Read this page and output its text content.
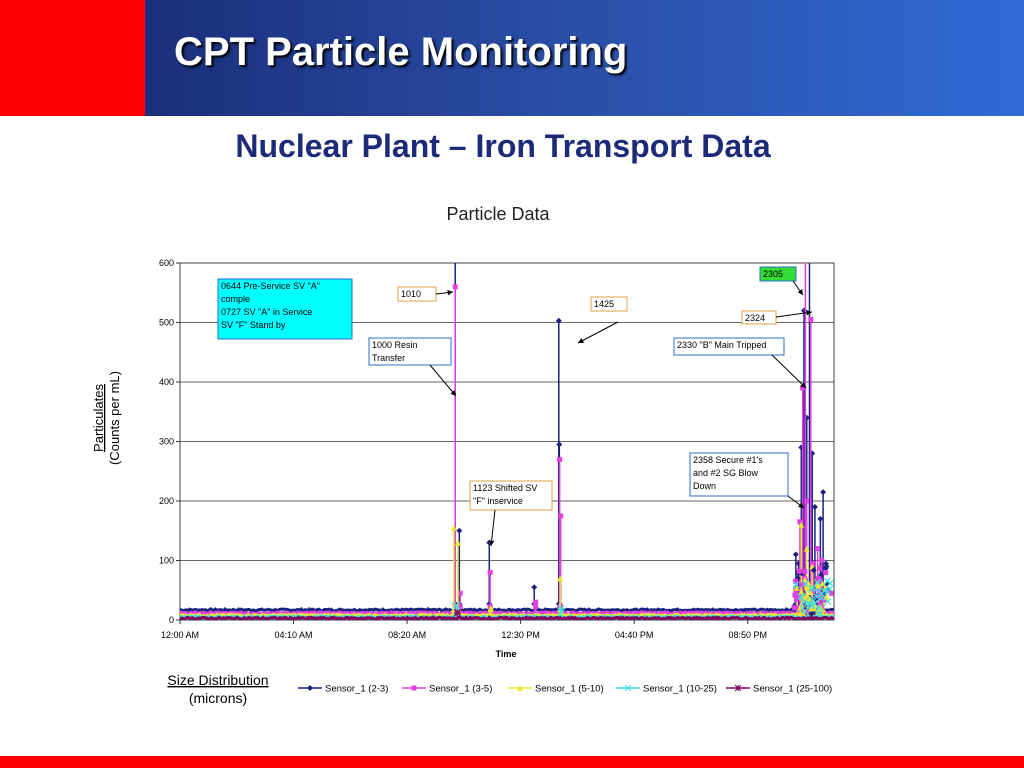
CPT Particle Monitoring
Nuclear Plant – Iron Transport Data
Particle Data
0
100
200
300
400
500
600
12:00 AM	04:10 AM	08:20 AM	12:30 PM	04:40 PM	08:50 PM
Time
Particulates (Counts per mL)
0644 Pre-Service SV "A"
comple
0727 SV "A" in Service
SV "F" Stand by
1010
1000 Resin
Transfer
1425
1123 Shifted SV
"F" inservice
2305
2324
2330 "B" Main Tripped
2358 Secure #1's
and #2 SG Blow
Down
Size Distribution
(microns)
Sensor_1 (2-3)	Sensor_1 (3-5)	Sensor_1 (5-10)	Sensor_1 (10-25)	Sensor_1 (25-100)
